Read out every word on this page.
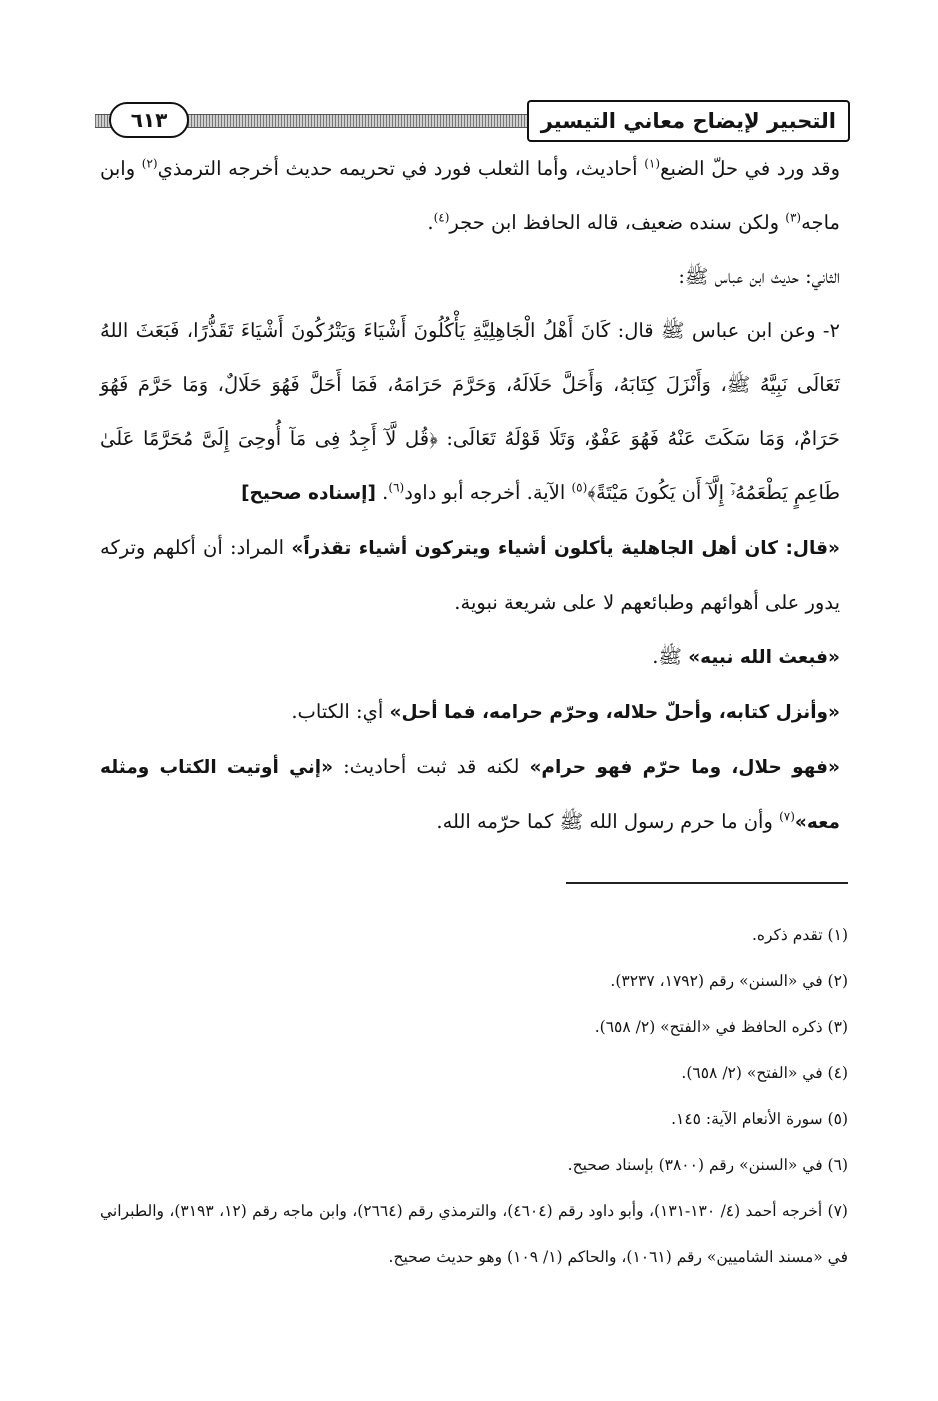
التحبير لإيضاح معاني التيسير
٦١٣

وقد ورد في حلّ الضبع$^{(١)}$ أحاديث، وأما الثعلب فورد في تحريمه حديث أخرجه الترمذي$^{(٢)}$ وابن ماجه$^{(٣)}$ ولكن سنده ضعيف، قاله الحافظ ابن حجر$^{(٤)}$.

الثاني: حديث ابن عباس ﷺ:

٢- وعن ابن عباس ﷺ قال: كَانَ أَهْلُ الْجَاهِلِيَّةِ يَأْكُلُونَ أَشْيَاءَ وَيَتْرُكُونَ أَشْيَاءَ تَقَذُّرًا، فَبَعَثَ اللهُ تَعَالَى نَبِيَّهُ ﷺ، وَأَنْزَلَ كِتَابَهُ، وَأَحَلَّ حَلَالَهُ، وَحَرَّمَ حَرَامَهُ، فَمَا أَحَلَّ فَهُوَ حَلَالٌ، وَمَا حَرَّمَ فَهُوَ حَرَامٌ، وَمَا سَكَتَ عَنْهُ فَهُوَ عَفْوٌ، وَتَلَا قَوْلَهُ تَعَالَى: ﴿قُل لَّآ أَجِدُ فِى مَآ أُوحِىَ إِلَىَّ مُحَرَّمًا عَلَىٰ طَاعِمٍ يَطْعَمُهُۥٓ إِلَّآ أَن يَكُونَ مَيْتَةً﴾$^{(٥)}$ الآية. أخرجه أبو داود$^{(٦)}$. [إسناده صحيح]

«قال: كان أهل الجاهلية يأكلون أشياء ويتركون أشياء تقذراً» المراد: أن أكلهم وتركه يدور على أهوائهم وطبائعهم لا على شريعة نبوية.

«فبعث الله نبيه» ﷺ.

«وأنزل كتابه، وأحلّ حلاله، وحرّم حرامه، فما أحل» أي: الكتاب.

«فهو حلال، وما حرّم فهو حرام» لكنه قد ثبت أحاديث: «إني أوتيت الكتاب ومثله معه»$^{(٧)}$ وأن ما حرم رسول الله ﷺ كما حرّمه الله.

(١) تقدم ذكره.

(٢) في «السنن» رقم (١٧٩٢، ٣٢٣٧).

(٣) ذكره الحافظ في «الفتح» (٢/ ٦٥٨).

(٤) في «الفتح» (٢/ ٦٥٨).

(٥) سورة الأنعام الآية: ١٤٥.

(٦) في «السنن» رقم (٣٨٠٠) بإسناد صحيح.

(٧) أخرجه أحمد (٤/ ١٣٠-١٣١)، وأبو داود رقم (٤٦٠٤)، والترمذي رقم (٢٦٦٤)، وابن ماجه رقم (١٢، ٣١٩٣)، والطبراني في «مسند الشاميين» رقم (١٠٦١)، والحاكم (١/ ١٠٩) وهو حديث صحيح.
